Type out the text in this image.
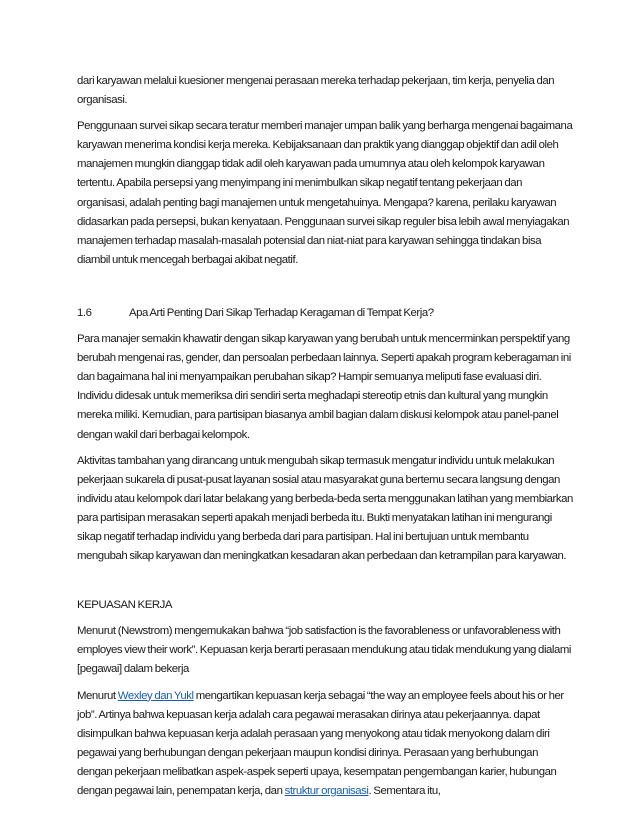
dari karyawan melalui kuesioner mengenai perasaan mereka terhadap pekerjaan, tim kerja, penyelia dan organisasi.

Penggunaan survei sikap secara teratur memberi manajer umpan balik yang berharga mengenai bagaimana karyawan menerima kondisi kerja mereka. Kebijaksanaan dan praktik yang dianggap objektif dan adil oleh manajemen mungkin dianggap tidak adil oleh karyawan pada umumnya atau oleh kelompok karyawan tertentu. Apabila persepsi yang menyimpang ini menimbulkan sikap negatif tentang pekerjaan dan organisasi, adalah penting bagi manajemen untuk mengetahuinya. Mengapa? karena, perilaku karyawan didasarkan pada persepsi, bukan kenyataan. Penggunaan survei sikap reguler bisa lebih awal menyiagakan manajemen terhadap masalah-masalah potensial dan niat-niat para karyawan sehingga tindakan bisa diambil untuk mencegah berbagai akibat negatif.

1.6	Apa Arti Penting Dari Sikap Terhadap Keragaman di Tempat Kerja?

Para manajer semakin khawatir dengan sikap karyawan yang berubah untuk mencerminkan perspektif yang berubah mengenai ras, gender, dan persoalan perbedaan lainnya. Seperti apakah program keberagaman ini dan bagaimana hal ini menyampaikan perubahan sikap? Hampir semuanya meliputi fase evaluasi diri. Individu didesak untuk memeriksa diri sendiri serta meghadapi stereotip etnis dan kultural yang mungkin mereka miliki. Kemudian, para partisipan biasanya ambil bagian dalam diskusi kelompok atau panel-panel dengan wakil dari berbagai kelompok.

Aktivitas tambahan yang dirancang untuk mengubah sikap termasuk mengatur individu untuk melakukan pekerjaan sukarela di pusat-pusat layanan sosial atau masyarakat guna bertemu secara langsung dengan individu atau kelompok dari latar belakang yang berbeda-beda serta menggunakan latihan yang membiarkan para partisipan merasakan seperti apakah menjadi berbeda itu. Bukti menyatakan latihan ini mengurangi sikap negatif terhadap individu yang berbeda dari para partisipan. Hal ini bertujuan untuk membantu mengubah sikap karyawan dan meningkatkan kesadaran akan perbedaan dan ketrampilan para karyawan.

KEPUASAN KERJA

Menurut (Newstrom) mengemukakan bahwa “job satisfaction is the favorableness or unfavorableness with employes view their work”. Kepuasan kerja berarti perasaan mendukung atau tidak mendukung yang dialami [pegawai] dalam bekerja

Menurut Wexley dan Yukl mengartikan kepuasan kerja sebagai “the way an employee feels about his or her job”. Artinya bahwa kepuasan kerja adalah cara pegawai merasakan dirinya atau pekerjaannya. dapat disimpulkan bahwa kepuasan kerja adalah perasaan yang menyokong atau tidak menyokong dalam diri pegawai yang berhubungan dengan pekerjaan maupun kondisi dirinya. Perasaan yang berhubungan dengan pekerjaan melibatkan aspek-aspek seperti upaya, kesempatan pengembangan karier, hubungan dengan pegawai lain, penempatan kerja, dan struktur organisasi. Sementara itu,
